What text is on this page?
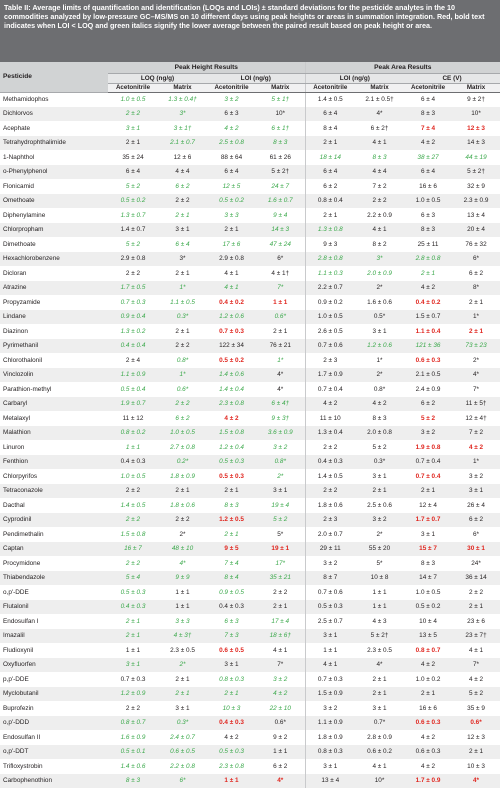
Table II: Average limits of quantification and identification (LOQs and LOIs) ± standard deviations for the pesticide analytes in the 10 commodities analyzed by low-pressure GC–MS/MS on 10 different days using peak heights or areas in summation integration. Red, bold text indicates when LOI < LOQ and green italics signify the lower average between the paired result based on peak height or area.
Pesticide	Peak Height Results				Peak Area Results			
	LOQ (ng/g)		LOI (ng/g)		LOI (ng/g)		CE (V)	
	Acetonitrile	Matrix	Acetonitrile	Matrix	Acetonitrile	Matrix	Acetonitrile	Matrix
Methamidophos	1.0 ± 0.5	1.3 ± 0.4†	3 ± 2	5 ± 1†	1.4 ± 0.5	2.1 ± 0.5†	6 ± 4	9 ± 2†
Dichlorvos	2 ± 2	3*	6 ± 3	10*	6 ± 4	4*	8 ± 3	10*
Acephate	3 ± 1	3 ± 1†	4 ± 2	6 ± 1†	8 ± 4	6 ± 2†	7 ± 4	12 ± 3
Tetrahydrophthalimide	2 ± 1	2.1 ± 0.7	2.5 ± 0.8	8 ± 3	2 ± 1	4 ± 1	4 ± 2	14 ± 3
1-Naphthol	35 ± 24	12 ± 6	88 ± 64	61 ± 26	18 ± 14	8 ± 3	38 ± 27	44 ± 19
o-Phenylphenol	6 ± 4	4 ± 4	6 ± 4	5 ± 2†	6 ± 4	4 ± 4	6 ± 4	5 ± 2†
Flonicamid	5 ± 2	6 ± 2	12 ± 5	24 ± 7	6 ± 2	7 ± 2	16 ± 6	32 ± 9
Omethoate	0.5 ± 0.2	2 ± 2	0.5 ± 0.2	1.6 ± 0.7	0.8 ± 0.4	2 ± 2	1.0 ± 0.5	2.3 ± 0.9
Diphenylamine	1.3 ± 0.7	2 ± 1	3 ± 3	9 ± 4	2 ± 1	2.2 ± 0.9	6 ± 3	13 ± 4
Chlorpropham	1.4 ± 0.7	3 ± 1	2 ± 1	14 ± 3	1.3 ± 0.8	4 ± 1	8 ± 3	20 ± 4
Dimethoate	5 ± 2	6 ± 4	17 ± 6	47 ± 24	9 ± 3	8 ± 2	25 ± 11	76 ± 32
Hexachlorobenzene	2.9 ± 0.8	3*	2.9 ± 0.8	6*	2.8 ± 0.8	3*	2.8 ± 0.8	6*
Dicloran	2 ± 2	2 ± 1	4 ± 1	4 ± 1†	1.1 ± 0.3	2.0 ± 0.9	2 ± 1	6 ± 2
Atrazine	1.7 ± 0.5	1*	4 ± 1	7*	2.2 ± 0.7	2*	4 ± 2	8*
Propyzamide	0.7 ± 0.3	1.1 ± 0.5	0.4 ± 0.2	1 ± 1	0.9 ± 0.2	1.6 ± 0.6	0.4 ± 0.2	2 ± 1
Lindane	0.9 ± 0.4	0.3*	1.2 ± 0.6	0.6*	1.0 ± 0.5	0.5*	1.5 ± 0.7	1*
Diazinon	1.3 ± 0.2	2 ± 1	0.7 ± 0.3	2 ± 1	2.6 ± 0.5	3 ± 1	1.1 ± 0.4	2 ± 1
Pyrimethanil	0.4 ± 0.4	2 ± 2	122 ± 34	76 ± 21	0.7 ± 0.6	1.2 ± 0.6	121 ± 36	73 ± 23
Chlorothalonil	2 ± 4	0.8*	0.5 ± 0.2	1*	2 ± 3	1*	0.6 ± 0.3	2*
Vinclozolin	1.1 ± 0.9	1*	1.4 ± 0.6	4*	1.7 ± 0.9	2*	2.1 ± 0.5	4*
Parathion-methyl	0.5 ± 0.4	0.6*	1.4 ± 0.4	4*	0.7 ± 0.4	0.8*	2.4 ± 0.9	7*
Carbaryl	1.9 ± 0.7	2 ± 2	2.3 ± 0.8	6 ± 4†	4 ± 2	4 ± 2	6 ± 2	11 ± 5†
Metalaxyl	11 ± 12	6 ± 2	4 ± 2	9 ± 3†	11 ± 10	8 ± 3	5 ± 2	12 ± 4†
Malathion	0.8 ± 0.2	1.0 ± 0.5	1.5 ± 0.8	3.6 ± 0.9	1.3 ± 0.4	2.0 ± 0.8	3 ± 2	7 ± 2
Linuron	1 ± 1	2.7 ± 0.8	1.2 ± 0.4	3 ± 2	2 ± 2	5 ± 2	1.9 ± 0.8	4 ± 2
Fenthion	0.4 ± 0.3	0.2*	0.5 ± 0.3	0.8*	0.4 ± 0.3	0.3*	0.7 ± 0.4	1*
Chlorpyrifos	1.0 ± 0.5	1.8 ± 0.9	0.5 ± 0.3	2*	1.4 ± 0.5	3 ± 1	0.7 ± 0.4	3 ± 2
Tetraconazole	2 ± 2	2 ± 1	2 ± 1	3 ± 1	2 ± 2	2 ± 1	2 ± 1	3 ± 1
Dacthal	1.4 ± 0.5	1.8 ± 0.6	8 ± 3	19 ± 4	1.8 ± 0.6	2.5 ± 0.6	12 ± 4	26 ± 4
Cyprodinil	2 ± 2	2 ± 2	1.2 ± 0.5	5 ± 2	2 ± 3	3 ± 2	1.7 ± 0.7	6 ± 2
Pendimethalin	1.5 ± 0.8	2*	2 ± 1	5*	2.0 ± 0.7	2*	3 ± 1	6*
Captan	16 ± 7	48 ± 10	9 ± 5	19 ± 1	29 ± 11	55 ± 20	15 ± 7	30 ± 1
Procymidone	2 ± 2	4*	7 ± 4	17*	3 ± 2	5*	8 ± 3	24*
Thiabendazole	5 ± 4	9 ± 9	8 ± 4	35 ± 21	8 ± 7	10 ± 8	14 ± 7	36 ± 14
o,p'-DDE	0.5 ± 0.3	1 ± 1	0.9 ± 0.5	2 ± 2	0.7 ± 0.6	1 ± 1	1.0 ± 0.5	2 ± 2
Flutalonil	0.4 ± 0.3	1 ± 1	0.4 ± 0.3	2 ± 1	0.5 ± 0.3	1 ± 1	0.5 ± 0.2	2 ± 1
Endosulfan I	2 ± 1	3 ± 3	6 ± 3	17 ± 4	2.5 ± 0.7	4 ± 3	10 ± 4	23 ± 6
Imazalil	2 ± 1	4 ± 3†	7 ± 3	18 ± 6†	3 ± 1	5 ± 2†	13 ± 5	23 ± 7†
Fludioxynil	1 ± 1	2.3 ± 0.5	0.6 ± 0.5	4 ± 1	1 ± 1	2.3 ± 0.5	0.8 ± 0.7	4 ± 1
Oxyfluorfen	3 ± 1	2*	3 ± 1	7*	4 ± 1	4*	4 ± 2	7*
p,p'-DDE	0.7 ± 0.3	2 ± 1	0.8 ± 0.3	3 ± 2	0.7 ± 0.3	2 ± 1	1.0 ± 0.2	4 ± 2
Myclobutanil	1.2 ± 0.9	2 ± 1	2 ± 1	4 ± 2	1.5 ± 0.9	2 ± 1	2 ± 1	5 ± 2
Buprofezin	2 ± 2	3 ± 1	10 ± 3	22 ± 10	3 ± 2	3 ± 1	16 ± 6	35 ± 9
o,p'-DDD	0.8 ± 0.7	0.3*	0.4 ± 0.3	0.6*	1.1 ± 0.9	0.7*	0.6 ± 0.3	0.6*
Endosulfan II	1.6 ± 0.9	2.4 ± 0.7	4 ± 2	9 ± 2	1.8 ± 0.9	2.8 ± 0.9	4 ± 2	12 ± 3
o,p'-DDT	0.5 ± 0.1	0.6 ± 0.5	0.5 ± 0.3	1 ± 1	0.8 ± 0.3	0.6 ± 0.2	0.6 ± 0.3	2 ± 1
Trifloxystrobin	1.4 ± 0.6	2.2 ± 0.8	2.3 ± 0.8	6 ± 2	3 ± 1	4 ± 1	4 ± 2	10 ± 3
Carbophenothion	8 ± 3	6*	1 ± 1	4*	13 ± 4	10*	1.7 ± 0.9	4*
